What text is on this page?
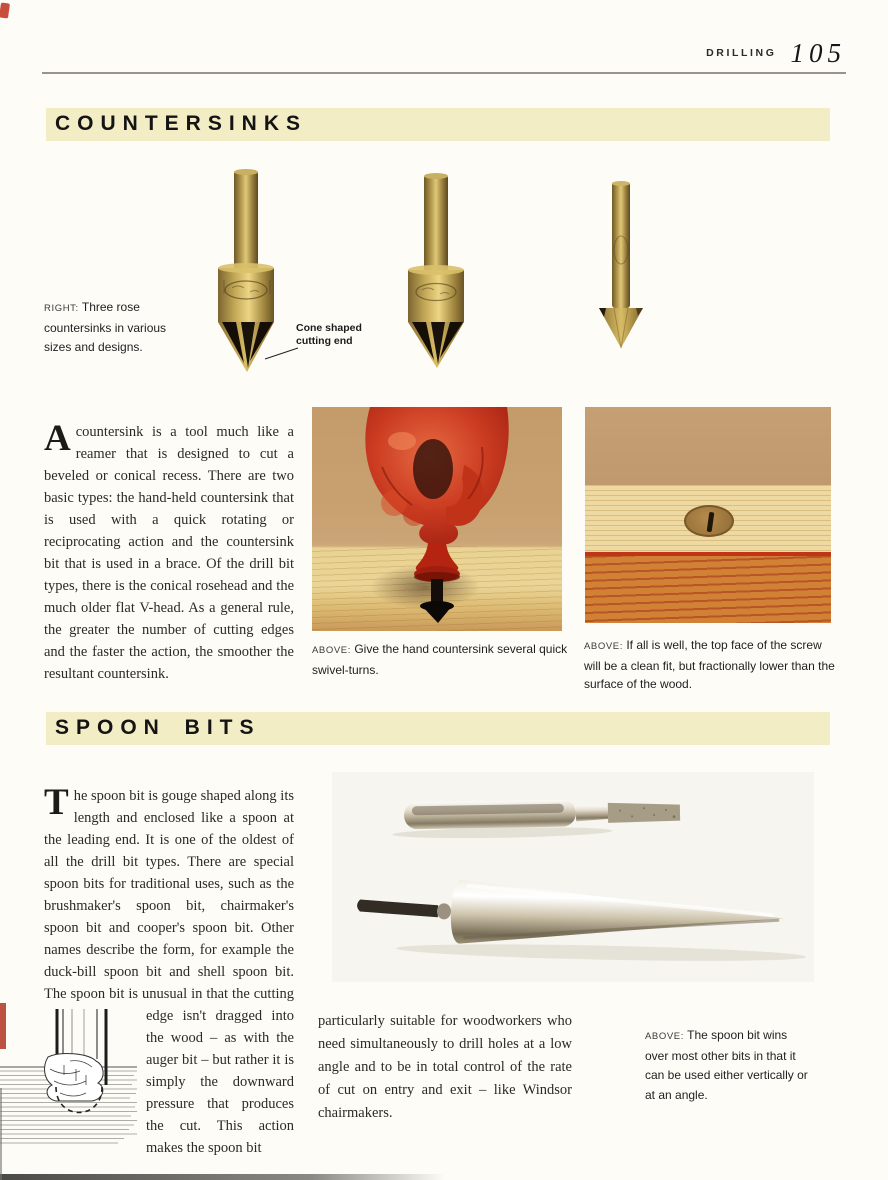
$^{DRILLING}$ 105
COUNTERSINKS
RIGHT: Three rose countersinks in various sizes and designs.
Cone shaped cutting end

Acountersink is a tool much like a reamer that is designed to cut a beveled or conical recess. There are two basic types: the hand-held countersink that is used with a quick rotating or reciprocating action and the countersink bit that is used in a brace. Of the drill bit types, there is the conical rosehead and the much older flat V-head. As a general rule, the greater the number of cutting edges and the faster the action, the smoother the resultant countersink.

ABOVE: Give the hand countersink several quick swivel-turns.
ABOVE: If all is well, the top face of the screw will be a clean fit, but fractionally lower than the surface of the wood.
SPOON BITS

The spoon bit is gouge shaped along its length and enclosed like a spoon at the leading end. It is one of the oldest of all the drill bit types. There are special spoon bits for traditional uses, such as the brushmaker's spoon bit, chairmaker's spoon bit and cooper's spoon bit. Other names describe the form, for example the duck-bill spoon bit and shell spoon bit. The spoon bit is unusual in that the cutting
edge isn't dragged into the wood – as with the auger bit – but rather it is simply the downward pressure that produces the cut. This action makes the spoon bit

particularly suitable for woodworkers who need simultaneously to drill holes at a low angle and to be in total control of the rate of cut on entry and exit – like Windsor chairmakers.

ABOVE: The spoon bit wins over most other bits in that it can be used either vertically or at an angle.
